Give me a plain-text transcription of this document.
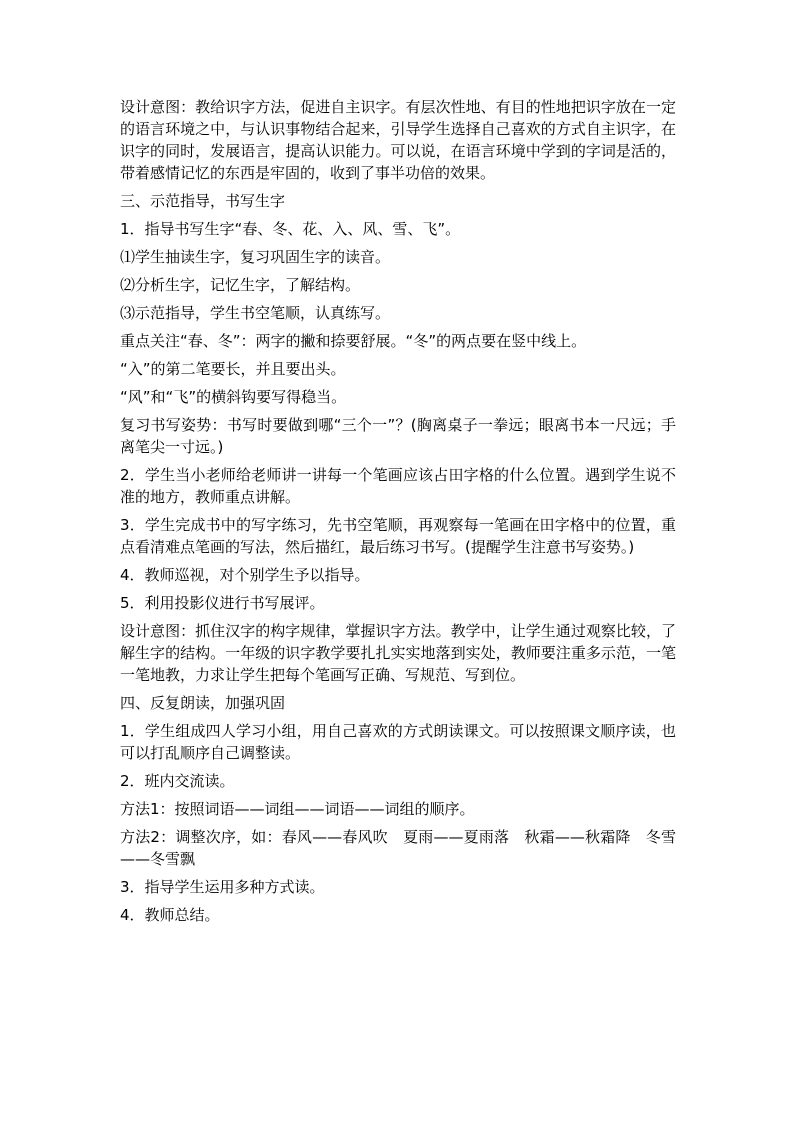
设计意图：教给识字方法，促进自主识字。有层次性地、有目的性地把识字放在一定的语言环境之中，与认识事物结合起来，引导学生选择自己喜欢的方式自主识字，在识字的同时，发展语言，提高认识能力。可以说，在语言环境中学到的字词是活的，带着感情记忆的东西是牢固的，收到了事半功倍的效果。

三、示范指导，书写生字

1．指导书写生字“春、冬、花、入、风、雪、飞”。

⑴学生抽读生字，复习巩固生字的读音。

⑵分析生字，记忆生字，了解结构。

⑶示范指导，学生书空笔顺，认真练写。

重点关注“春、冬”：两字的撇和捺要舒展。“冬”的两点要在竖中线上。

“入”的第二笔要长，并且要出头。

“风”和“飞”的横斜钩要写得稳当。

复习书写姿势：书写时要做到哪“三个一”？(胸离桌子一拳远；眼离书本一尺远；手离笔尖一寸远。)

2．学生当小老师给老师讲一讲每一个笔画应该占田字格的什么位置。遇到学生说不准的地方，教师重点讲解。

3．学生完成书中的写字练习，先书空笔顺，再观察每一笔画在田字格中的位置，重点看清难点笔画的写法，然后描红，最后练习书写。(提醒学生注意书写姿势。)

4．教师巡视，对个别学生予以指导。

5．利用投影仪进行书写展评。

设计意图：抓住汉字的构字规律，掌握识字方法。教学中，让学生通过观察比较，了解生字的结构。一年级的识字教学要扎扎实实地落到实处，教师要注重多示范，一笔一笔地教，力求让学生把每个笔画写正确、写规范、写到位。

四、反复朗读，加强巩固

1．学生组成四人学习小组，用自己喜欢的方式朗读课文。可以按照课文顺序读，也可以打乱顺序自己调整读。

2．班内交流读。

方法1：按照词语——词组——词语——词组的顺序。

方法2：调整次序，如：春风——春风吹　夏雨——夏雨落　秋霜——秋霜降　冬雪——冬雪飘

3．指导学生运用多种方式读。

4．教师总结。
